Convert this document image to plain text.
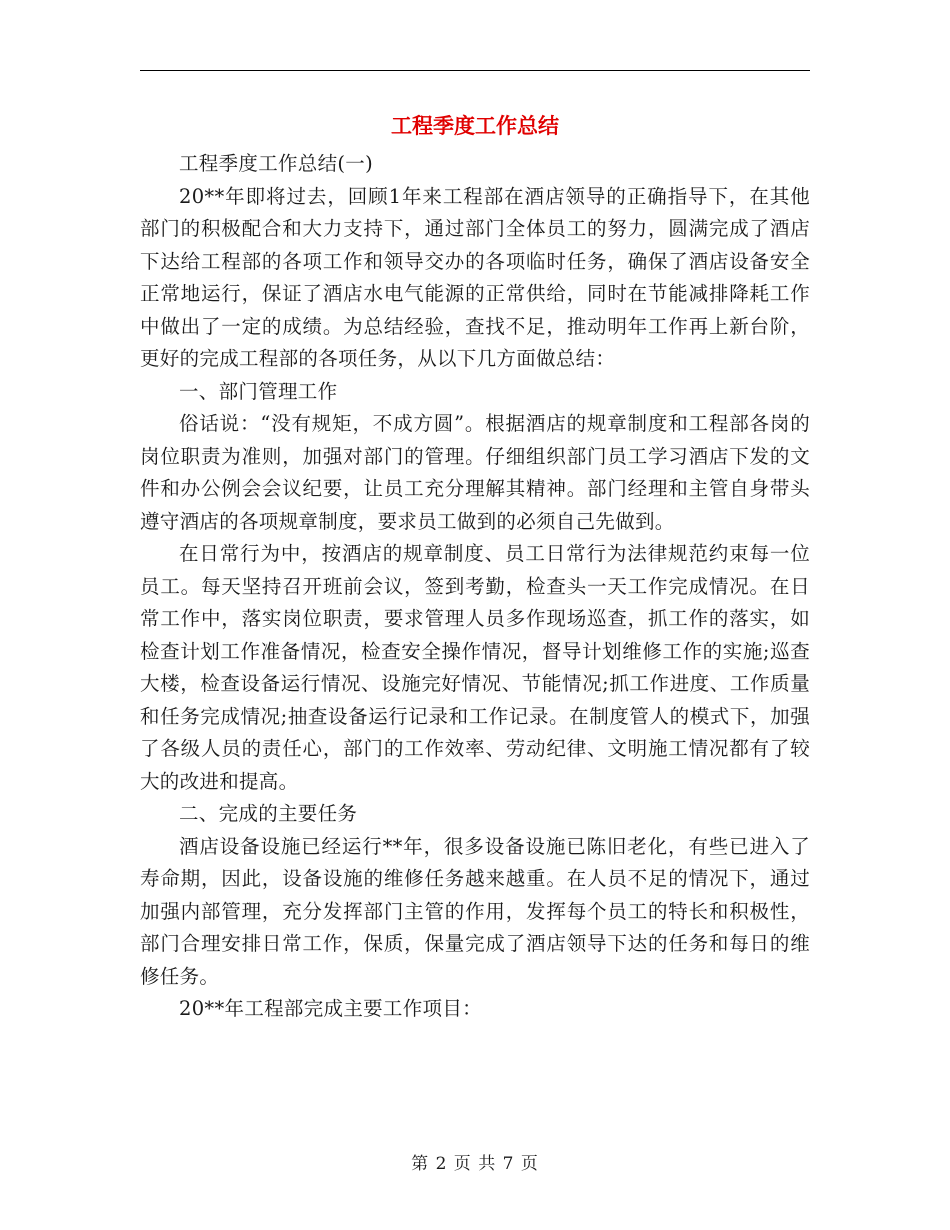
工程季度工作总结

工程季度工作总结(一)

20**年即将过去，回顾1年来工程部在酒店领导的正确指导下，在其他部门的积极配合和大力支持下，通过部门全体员工的努力，圆满完成了酒店下达给工程部的各项工作和领导交办的各项临时任务，确保了酒店设备安全正常地运行，保证了酒店水电气能源的正常供给，同时在节能减排降耗工作中做出了一定的成绩。为总结经验，查找不足，推动明年工作再上新台阶，更好的完成工程部的各项任务，从以下几方面做总结：

一、部门管理工作

俗话说：“没有规矩，不成方圆”。根据酒店的规章制度和工程部各岗的岗位职责为准则，加强对部门的管理。仔细组织部门员工学习酒店下发的文件和办公例会会议纪要，让员工充分理解其精神。部门经理和主管自身带头遵守酒店的各项规章制度，要求员工做到的必须自己先做到。

在日常行为中，按酒店的规章制度、员工日常行为法律规范约束每一位员工。每天坚持召开班前会议，签到考勤，检查头一天工作完成情况。在日常工作中，落实岗位职责，要求管理人员多作现场巡查，抓工作的落实，如检查计划工作准备情况，检查安全操作情况，督导计划维修工作的实施;巡查大楼，检查设备运行情况、设施完好情况、节能情况;抓工作进度、工作质量和任务完成情况;抽查设备运行记录和工作记录。在制度管人的模式下，加强了各级人员的责任心，部门的工作效率、劳动纪律、文明施工情况都有了较大的改进和提高。

二、完成的主要任务

酒店设备设施已经运行**年，很多设备设施已陈旧老化，有些已进入了寿命期，因此，设备设施的维修任务越来越重。在人员不足的情况下，通过加强内部管理，充分发挥部门主管的作用，发挥每个员工的特长和积极性，部门合理安排日常工作，保质，保量完成了酒店领导下达的任务和每日的维修任务。

20**年工程部完成主要工作项目：

第 2 页 共 7 页
